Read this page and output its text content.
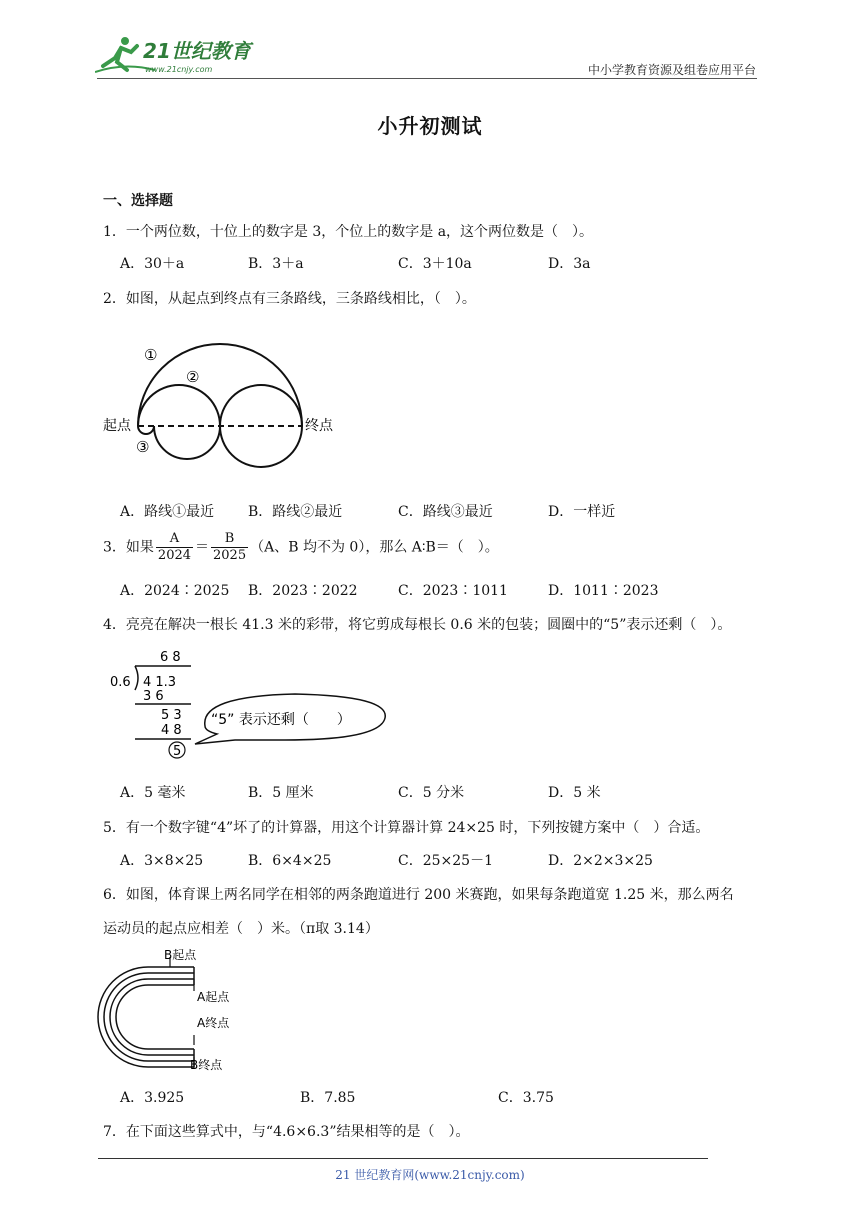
21世纪教育
www.21cnjy.com	中小学教育资源及组卷应用平台
小升初测试
一、选择题
1．一个两位数，十位上的数字是 3，个位上的数字是 a，这个两位数是（　）。
A．30＋a	B．3＋a	C．3＋10a	D．3a
2．如图，从起点到终点有三条路线，三条路线相比，（　）。
①
②
③
起点	终点
A．路线①最近 B．路线②最近	C．路线③最近	D．一样近
3．如果 $\frac{A}{2024} = \frac{B}{2025} (A$、B 均不为 0），那么 A∶B＝（　）。
A．2024∶2025 B．2023∶2022	C．2023∶1011	D．1011∶2023
4．亮亮在解决一根长 41.3 米的彩带，将它剪成每根长 0.6 米的包装；圆圈中的“5”表示还剩（　）。
6 8
0.6 4 1.3
3 6
5 3
4 8
5
“5” 表示还剩（　　）
A．5 毫米	B．5 厘米	C．5 分米	D．5 米
5．有一个数字键“4”坏了的计算器，用这个计算器计算 24×25 时，下列按键方案中（　）合适。
A．3×8×25	B．6×4×25	C．25×25－1	D．2×2×3×25
6．如图，体育课上两名同学在相邻的两条跑道进行 200 米赛跑，如果每条跑道宽 1.25 米，那么两名
运动员的起点应相差（　）米。（π取 3.14）
B起点
A起点
A终点
B终点
A．3.925	B．7.85	C．3.75
7．在下面这些算式中，与“4.6×6.3”结果相等的是（　）。
21 世纪教育网(www.21cnjy.com)
